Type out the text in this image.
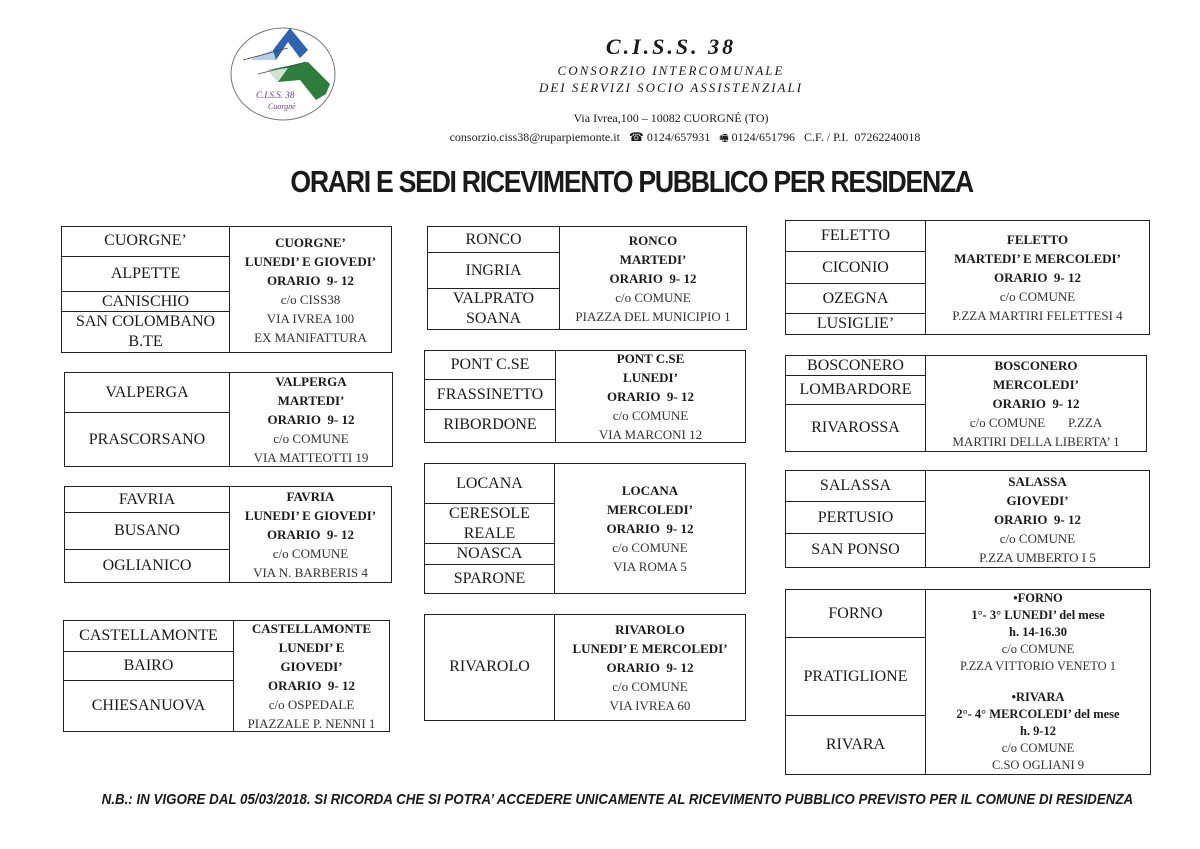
C.I.S.S. 38
Cuorgnè
C.I.S.S. 38
CONSORZIO INTERCOMUNALE
DEI SERVIZI SOCIO ASSISTENZIALI
Via Ivrea,100 – 10082 CUORGNÉ (TO)
consorzio.ciss38@ruparpiemonte.it ☎ 0124/657931 🖷 0124/651796 C.F. / P.I.  07262240018
ORARI E SEDI RICEVIMENTO PUBBLICO PER RESIDENZA
CUORGNE’
ALPETTE
CANISCHIO
SAN COLOMBANO B.TE
CUORGNE’
LUNEDI’ E GIOVEDI’
ORARIO  9- 12
c/o CISS38
VIA IVREA 100
EX MANIFATTURA
VALPERGA
PRASCORSANO
VALPERGA
MARTEDI’
ORARIO  9- 12
c/o COMUNE
VIA MATTEOTTI 19
FAVRIA
BUSANO
OGLIANICO
FAVRIA
LUNEDI’ E GIOVEDI’
ORARIO  9- 12
c/o COMUNE
VIA N. BARBERIS 4
CASTELLAMONTE
BAIRO
CHIESANUOVA
CASTELLAMONTE
LUNEDI’ E
GIOVEDI’
ORARIO  9- 12
c/o OSPEDALE
PIAZZALE P. NENNI 1
RONCO
INGRIA
VALPRATO SOANA
RONCO
MARTEDI’
ORARIO  9- 12
c/o COMUNE
PIAZZA DEL MUNICIPIO 1
PONT C.SE
FRASSINETTO
RIBORDONE
PONT C.SE
LUNEDI’
ORARIO  9- 12
c/o COMUNE
VIA MARCONI 12
LOCANA
CERESOLE REALE
NOASCA
SPARONE
LOCANA
MERCOLEDI’
ORARIO  9- 12
c/o COMUNE
VIA ROMA 5
RIVAROLO
RIVAROLO
LUNEDI’ E MERCOLEDI’
ORARIO  9- 12
c/o COMUNE
VIA IVREA 60
FELETTO
CICONIO
OZEGNA
LUSIGLIE’
FELETTO
MARTEDI’ E MERCOLEDI’
ORARIO  9- 12
c/o COMUNE
P.ZZA MARTIRI FELETTESI 4
BOSCONERO
LOMBARDORE
RIVAROSSA
BOSCONERO
MERCOLEDI’
ORARIO  9- 12
c/o COMUNE       P.ZZA
MARTIRI DELLA LIBERTA’ 1
SALASSA
PERTUSIO
SAN PONSO
SALASSA
GIOVEDI’
ORARIO  9- 12
c/o COMUNE
P.ZZA UMBERTO I 5
FORNO
PRATIGLIONE
RIVARA
•FORNO
1°- 3° LUNEDI’ del mese
h. 14-16.30
c/o COMUNE
P.ZZA VITTORIO VENETO 1
•RIVARA
2°- 4° MERCOLEDI’ del mese
h. 9-12
c/o COMUNE
C.SO OGLIANI 9
N.B.: IN VIGORE DAL 05/03/2018. SI RICORDA CHE SI POTRA’ ACCEDERE UNICAMENTE AL RICEVIMENTO PUBBLICO PREVISTO PER IL COMUNE DI RESIDENZA
